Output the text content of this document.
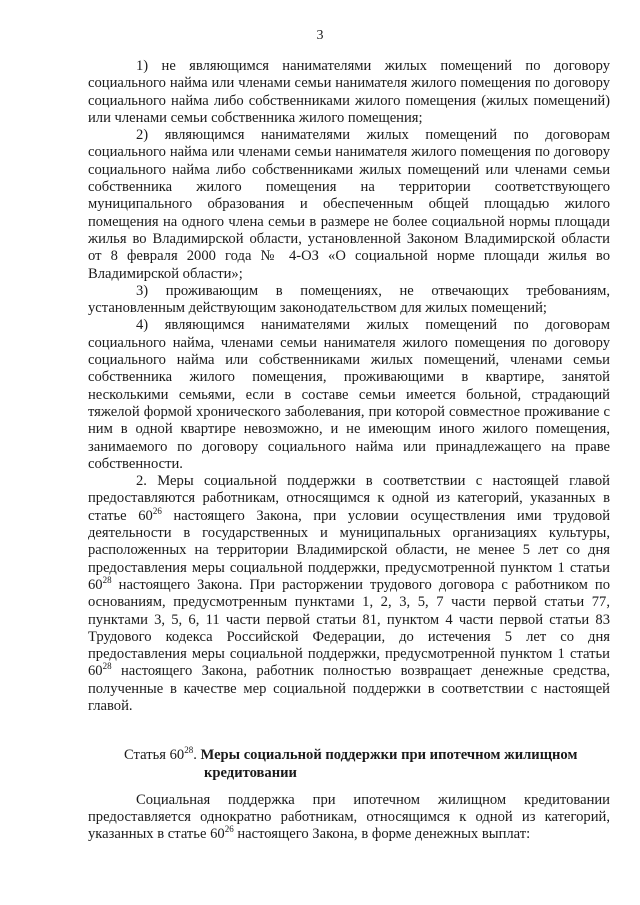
3

1) не являющимся нанимателями жилых помещений по договору социального найма или членами семьи нанимателя жилого помещения по договору социального найма либо собственниками жилого помещения (жилых помещений) или членами семьи собственника жилого помещения;

2) являющимся нанимателями жилых помещений по договорам социального найма или членами семьи нанимателя жилого помещения по договору социального найма либо собственниками жилых помещений или членами семьи собственника жилого помещения на территории соответствующего муниципального образования и обеспеченным общей площадью жилого помещения на одного члена семьи в размере не более социальной нормы площади жилья во Владимирской области, установленной Законом Владимирской области от 8 февраля 2000 года № 4-ОЗ «О социальной норме площади жилья во Владимирской области»;

3) проживающим в помещениях, не отвечающих требованиям, установленным действующим законодательством для жилых помещений;

4) являющимся нанимателями жилых помещений по договорам социального найма, членами семьи нанимателя жилого помещения по договору социального найма или собственниками жилых помещений, членами семьи собственника жилого помещения, проживающими в квартире, занятой несколькими семьями, если в составе семьи имеется больной, страдающий тяжелой формой хронического заболевания, при которой совместное проживание с ним в одной квартире невозможно, и не имеющим иного жилого помещения, занимаемого по договору социального найма или принадлежащего на праве собственности.

2. Меры социальной поддержки в соответствии с настоящей главой предоставляются работникам, относящимся к одной из категорий, указанных в статье $60^{26}$ настоящего Закона, при условии осуществления ими трудовой деятельности в государственных и муниципальных организациях культуры, расположенных на территории Владимирской области, не менее 5 лет со дня предоставления меры социальной поддержки, предусмотренной пунктом 1 статьи $60^{28}$ настоящего Закона. При расторжении трудового договора с работником по основаниям, предусмотренным пунктами 1, 2, 3, 5, 7 части первой статьи 77, пунктами 3, 5, 6, 11 части первой статьи 81, пунктом 4 части первой статьи 83 Трудового кодекса Российской Федерации, до истечения 5 лет со дня предоставления меры социальной поддержки, предусмотренной пунктом 1 статьи $60^{28}$ настоящего Закона, работник полностью возвращает денежные средства, полученные в качестве мер социальной поддержки в соответствии с настоящей главой.

Статья $60^{28}$. Меры социальной поддержки при ипотечном жилищном
кредитовании

Социальная поддержка при ипотечном жилищном кредитовании предоставляется однократно работникам, относящимся к одной из категорий, указанных в статье $60^{26}$ настоящего Закона, в форме денежных выплат:
